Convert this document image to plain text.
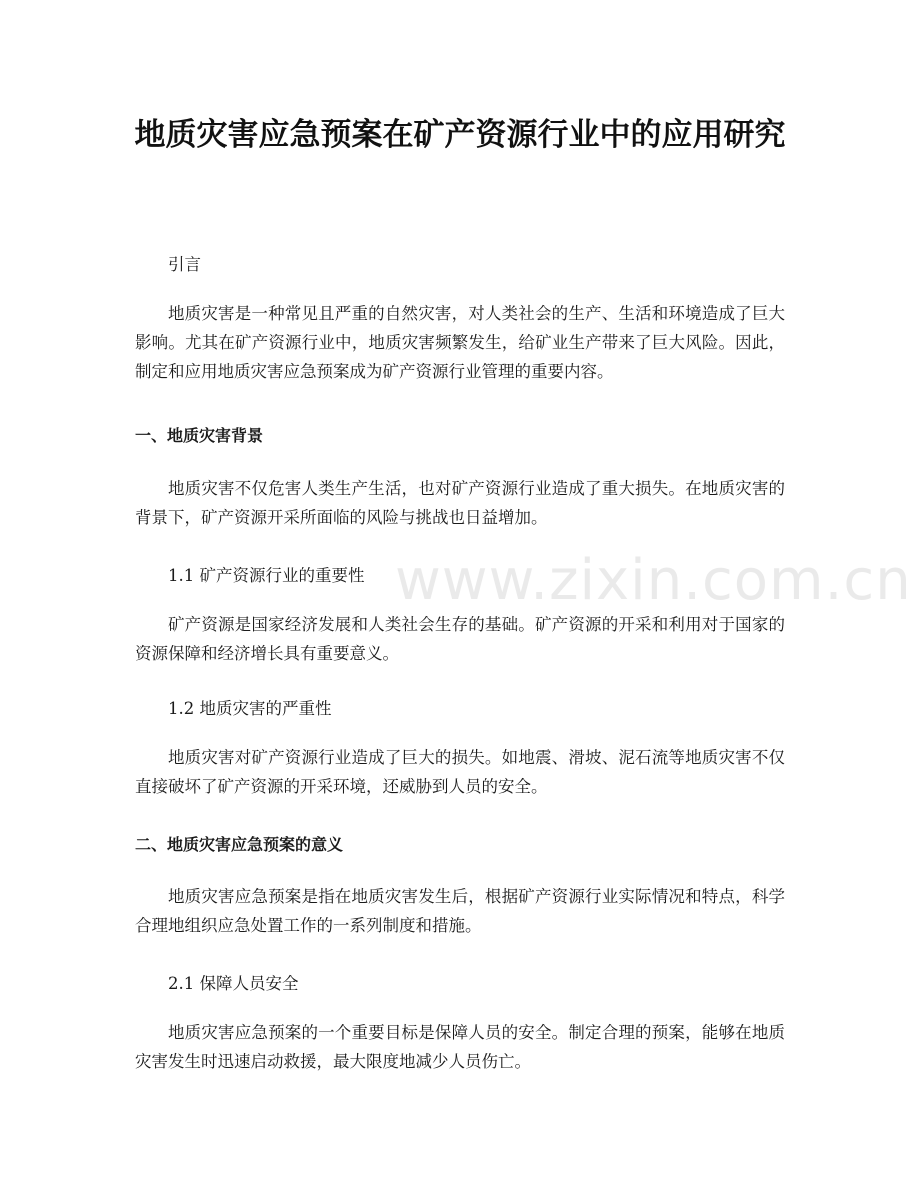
地质灾害应急预案在矿产资源行业中的应用研究

引言

地质灾害是一种常见且严重的自然灾害，对人类社会的生产、生活和环境造成了巨大影响。尤其在矿产资源行业中，地质灾害频繁发生，给矿业生产带来了巨大风险。因此，制定和应用地质灾害应急预案成为矿产资源行业管理的重要内容。

一、地质灾害背景

地质灾害不仅危害人类生产生活，也对矿产资源行业造成了重大损失。在地质灾害的背景下，矿产资源开采所面临的风险与挑战也日益增加。

1.1 矿产资源行业的重要性

矿产资源是国家经济发展和人类社会生存的基础。矿产资源的开采和利用对于国家的资源保障和经济增长具有重要意义。

1.2 地质灾害的严重性

地质灾害对矿产资源行业造成了巨大的损失。如地震、滑坡、泥石流等地质灾害不仅直接破坏了矿产资源的开采环境，还威胁到人员的安全。

二、地质灾害应急预案的意义

地质灾害应急预案是指在地质灾害发生后，根据矿产资源行业实际情况和特点，科学合理地组织应急处置工作的一系列制度和措施。

2.1 保障人员安全

地质灾害应急预案的一个重要目标是保障人员的安全。制定合理的预案，能够在地质灾害发生时迅速启动救援，最大限度地减少人员伤亡。

www.zixin.com.cn
